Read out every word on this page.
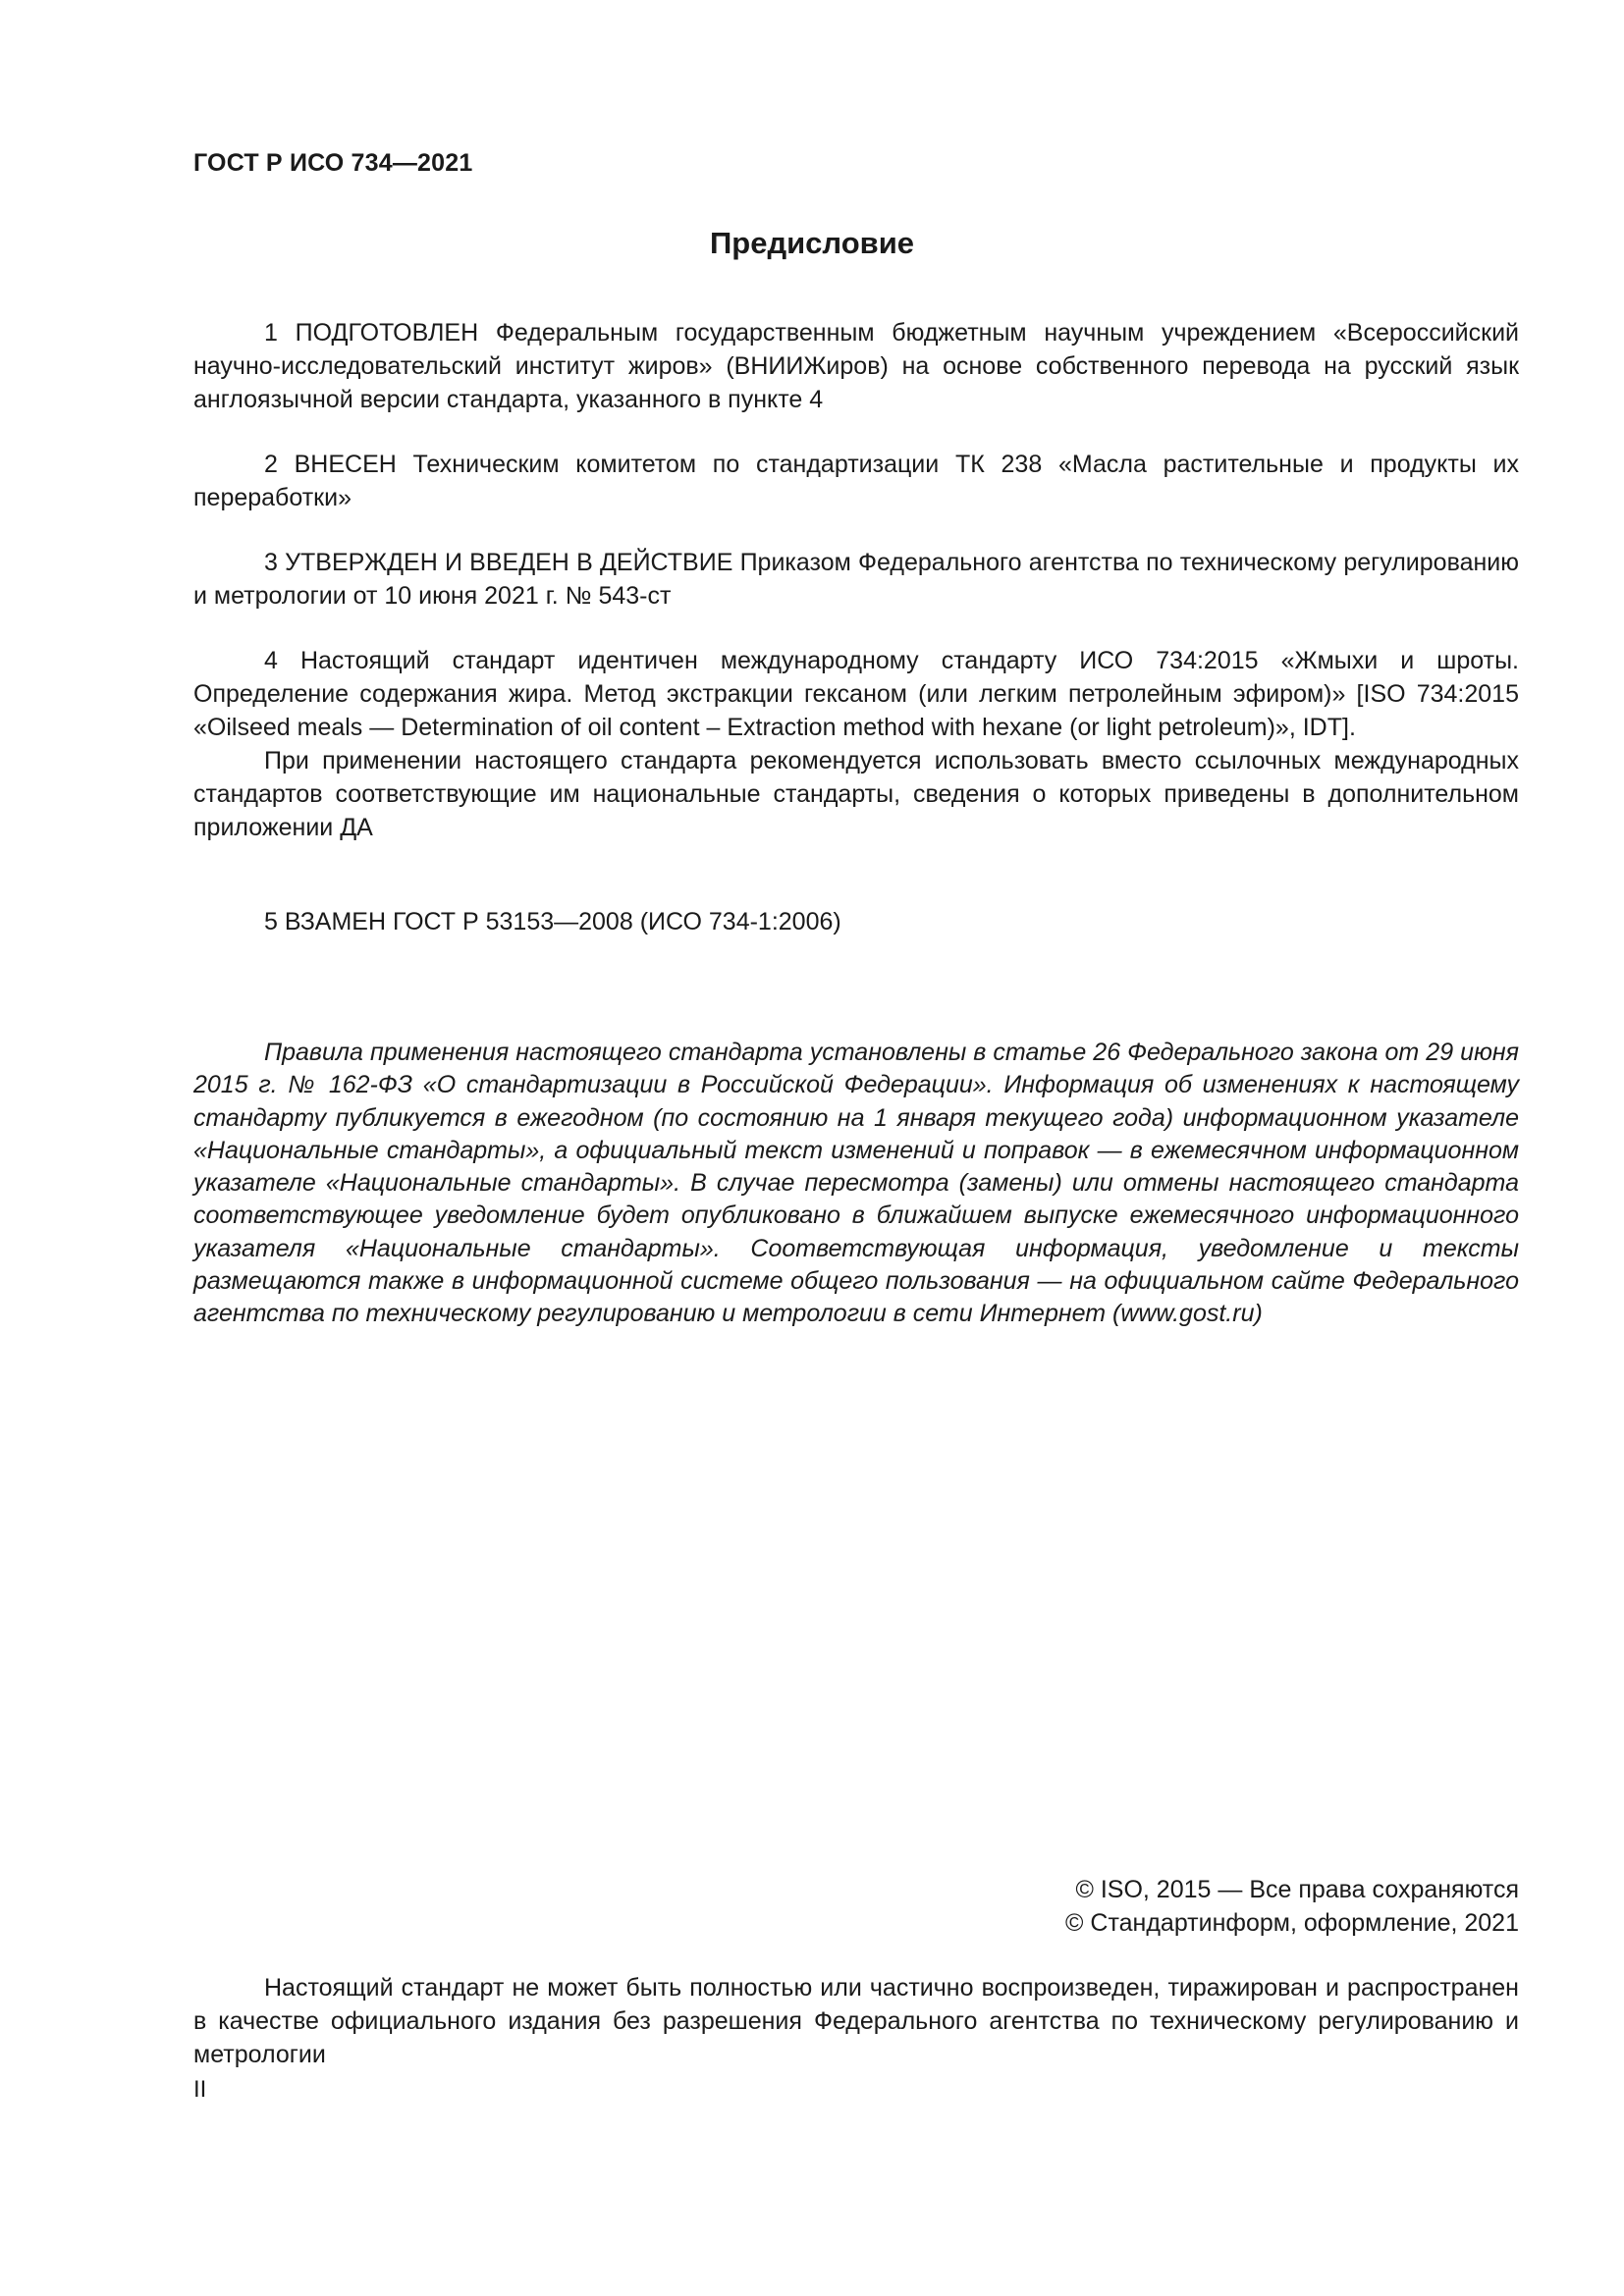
ГОСТ Р ИСО 734—2021
Предисловие

1 ПОДГОТОВЛЕН Федеральным государственным бюджетным научным учреждением «Всероссийский научно-исследовательский институт жиров» (ВНИИЖиров) на основе собственного перевода на русский язык англоязычной версии стандарта, указанного в пункте 4

2 ВНЕСЕН Техническим комитетом по стандартизации ТК 238 «Масла растительные и продукты их переработки»

3 УТВЕРЖДЕН И ВВЕДЕН В ДЕЙСТВИЕ Приказом Федерального агентства по техническому регулированию и метрологии от 10 июня 2021 г. № 543-ст

4 Настоящий стандарт идентичен международному стандарту ИСО 734:2015 «Жмыхи и шроты. Определение содержания жира. Метод экстракции гексаном (или легким петролейным эфиром)» [ISO 734:2015 «Oilseed meals — Determination of oil content – Extraction method with hexane (or light petroleum)», IDT].

При применении настоящего стандарта рекомендуется использовать вместо ссылочных международных стандартов соответствующие им национальные стандарты, сведения о которых приведены в дополнительном приложении ДА

5 ВЗАМЕН ГОСТ Р 53153—2008 (ИСО 734-1:2006)

Правила применения настоящего стандарта установлены в статье 26 Федерального закона от 29 июня 2015 г. № 162-ФЗ «О стандартизации в Российской Федерации». Информация об изменениях к настоящему стандарту публикуется в ежегодном (по состоянию на 1 января текущего года) информационном указателе «Национальные стандарты», а официальный текст изменений и поправок — в ежемесячном информационном указателе «Национальные стандарты». В случае пересмотра (замены) или отмены настоящего стандарта соответствующее уведомление будет опубликовано в ближайшем выпуске ежемесячного информационного указателя «Национальные стандарты». Соответствующая информация, уведомление и тексты размещаются также в информационной системе общего пользования — на официальном сайте Федерального агентства по техническому регулированию и метрологии в сети Интернет (www.gost.ru)

© ISO, 2015 — Все права сохраняются
© Стандартинформ, оформление, 2021

Настоящий стандарт не может быть полностью или частично воспроизведен, тиражирован и распространен в качестве официального издания без разрешения Федерального агентства по техническому регулированию и метрологии

II
